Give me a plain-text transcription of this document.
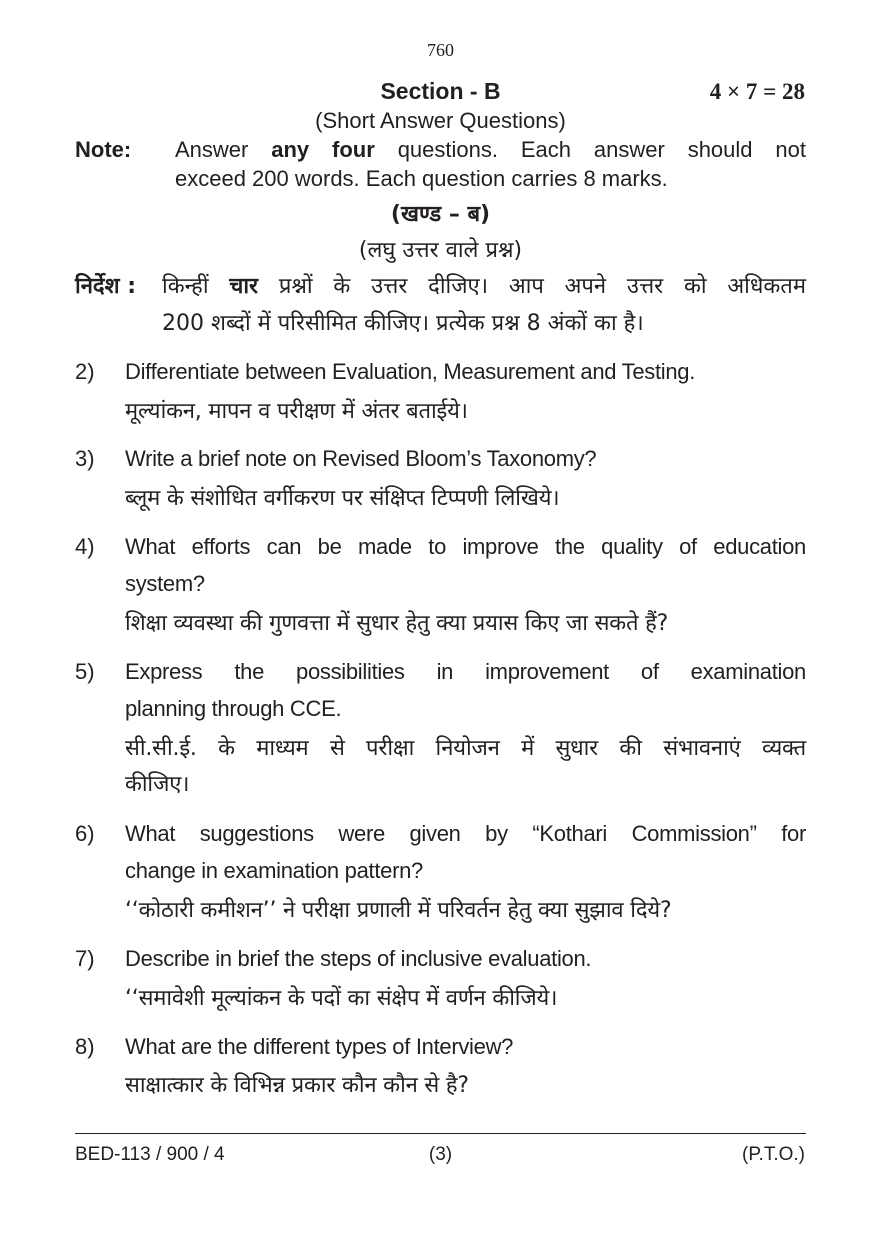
760
Section - B	4 × 7 = 28
(Short Answer Questions)
Note: Answer any four questions. Each answer should not
exceed 200 words. Each question carries 8 marks.
(खण्ड – ब)
(लघु उत्तर वाले प्रश्न)
निर्देश : किन्हीं चार प्रश्नों के उत्तर दीजिए। आप अपने उत्तर को अधिकतम
200 शब्दों में परिसीमित कीजिए। प्रत्येक प्रश्न 8 अंकों का है।
2) Differentiate between Evaluation, Measurement and Testing.
मूल्यांकन, मापन व परीक्षण में अंतर बताईये।
3) Write a brief note on Revised Bloom’s Taxonomy?
ब्लूम के संशोधित वर्गीकरण पर संक्षिप्त टिप्पणी लिखिये।
4) What efforts can be made to improve the quality of education
system?
शिक्षा व्यवस्था की गुणवत्ता में सुधार हेतु क्या प्रयास किए जा सकते हैं?
5) Express the possibilities in improvement of examination
planning through CCE.
सी.सी.ई. के माध्यम से परीक्षा नियोजन में सुधार की संभावनाएं व्यक्त
कीजिए।
6) What suggestions were given by “Kothari Commission” for
change in examination pattern?
‘‘कोठारी कमीशन’’ ने परीक्षा प्रणाली में परिवर्तन हेतु क्या सुझाव दिये?
7) Describe in brief the steps of inclusive evaluation.
‘‘समावेशी मूल्यांकन के पदों का संक्षेप में वर्णन कीजिये।
8) What are the different types of Interview?
साक्षात्कार के विभिन्न प्रकार कौन कौन से है?
BED-113 / 900 / 4	(3)	(P.T.O.)
